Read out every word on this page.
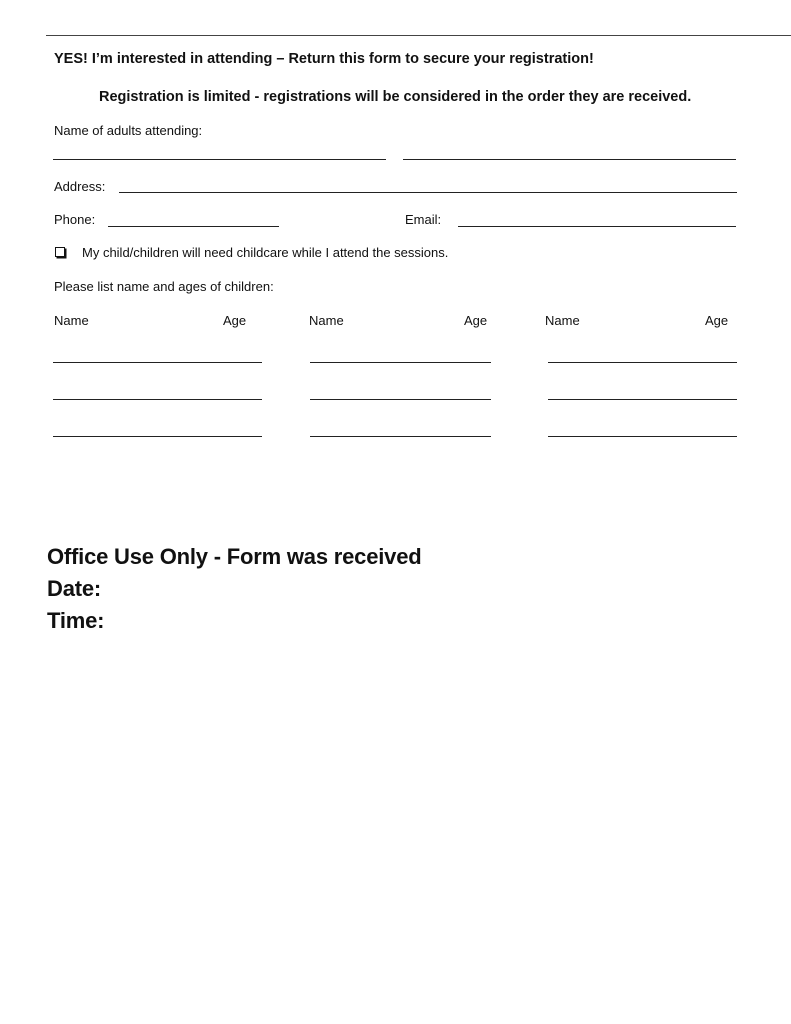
YES! I’m interested in attending – Return this form to secure your registration!
Registration is limited - registrations will be considered in the order they are received.
Name of adults attending:
Address:
Phone:	Email:
My child/children will need childcare while I attend the sessions.
Please list name and ages of children:
Name	Age	Name	Age	Name	Age
Office Use Only - Form was received
Date:
Time:
